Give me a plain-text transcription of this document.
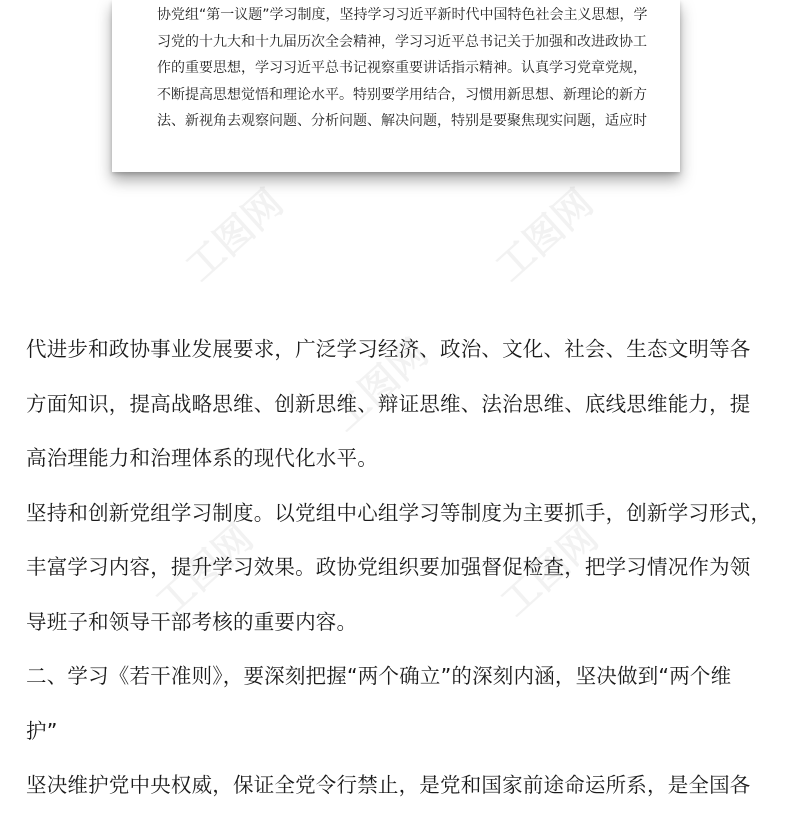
工图网	工图网
工图网
工图网	工图网
协党组“第一议题”学习制度，坚持学习习近平新时代中国特色社会主义思想，学
习党的十九大和十九届历次全会精神，学习习近平总书记关于加强和改进政协工
作的重要思想，学习习近平总书记视察重要讲话指示精神。认真学习党章党规，
不断提高思想觉悟和理论水平。特别要学用结合，习惯用新思想、新理论的新方
法、新视角去观察问题、分析问题、解决问题，特别是要聚焦现实问题，适应时
代进步和政协事业发展要求，广泛学习经济、政治、文化、社会、生态文明等各
方面知识，提高战略思维、创新思维、辩证思维、法治思维、底线思维能力，提
高治理能力和治理体系的现代化水平。
坚持和创新党组学习制度。以党组中心组学习等制度为主要抓手，创新学习形式，
丰富学习内容，提升学习效果。政协党组织要加强督促检查，把学习情况作为领
导班子和领导干部考核的重要内容。
二、学习《若干准则》，要深刻把握“两个确立”的深刻内涵，坚决做到“两个维
护”
坚决维护党中央权威，保证全党令行禁止，是党和国家前途命运所系，是全国各
